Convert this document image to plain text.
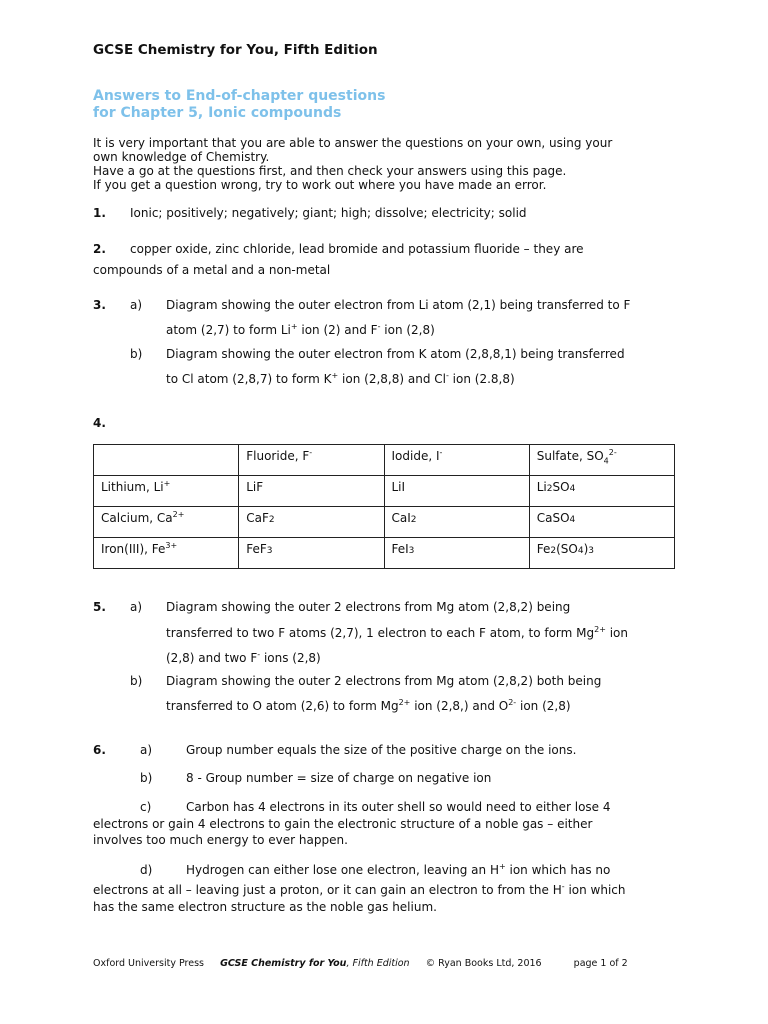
GCSE Chemistry for You, Fifth Edition
Answers to End-of-chapter questions
for Chapter 5, Ionic compounds
It is very important that you are able to answer the questions on your own, using your
own knowledge of Chemistry.
Have a go at the questions first, and then check your answers using this page.
If you get a question wrong, try to work out where you have made an error.
1. Ionic; positively; negatively; giant; high; dissolve; electricity; solid
2. copper oxide, zinc chloride, lead bromide and potassium fluoride – they are
compounds of a metal and a non-metal
3. a) Diagram showing the outer electron from Li atom (2,1) being transferred to F
atom (2,7) to form Li+ ion (2) and F- ion (2,8)
b) Diagram showing the outer electron from K atom (2,8,8,1) being transferred
to Cl atom (2,8,7) to form K+ ion (2,8,8) and Cl- ion (2.8,8)
4.
	Fluoride, F-	Iodide, I-	Sulfate, $SO_4^{2-}$
Lithium, Li+	LiF	LiI	Li2SO4
Calcium, $Ca^{2+}$	CaF2	CaI2	CaSO4
Iron(III), $Fe^{3+}$	FeF3	FeI3	Fe2(SO4)3
5. a) Diagram showing the outer 2 electrons from Mg atom (2,8,2) being
transferred to two F atoms (2,7), 1 electron to each F atom, to form $Mg^{2+}$ ion
(2,8) and two F- ions (2,8)
b) Diagram showing the outer 2 electrons from Mg atom (2,8,2) both being
transferred to O atom (2,6) to form $Mg^{2+}$ ion (2,8,) and $O^{2-}$ ion (2,8)
6.	a)	Group number equals the size of the positive charge on the ions.
b)	8 - Group number = size of charge on negative ion
c)	Carbon has 4 electrons in its outer shell so would need to either lose 4
electrons or gain 4 electrons to gain the electronic structure of a noble gas – either
involves too much energy to ever happen.
d)	Hydrogen can either lose one electron, leaving an H+ ion which has no
electrons at all – leaving just a proton, or it can gain an electron to from the H- ion which
has the same electron structure as the noble gas helium.
Oxford University Press GCSE Chemistry for You, Fifth Edition © Ryan Books Ltd, 2016	page 1 of 2
